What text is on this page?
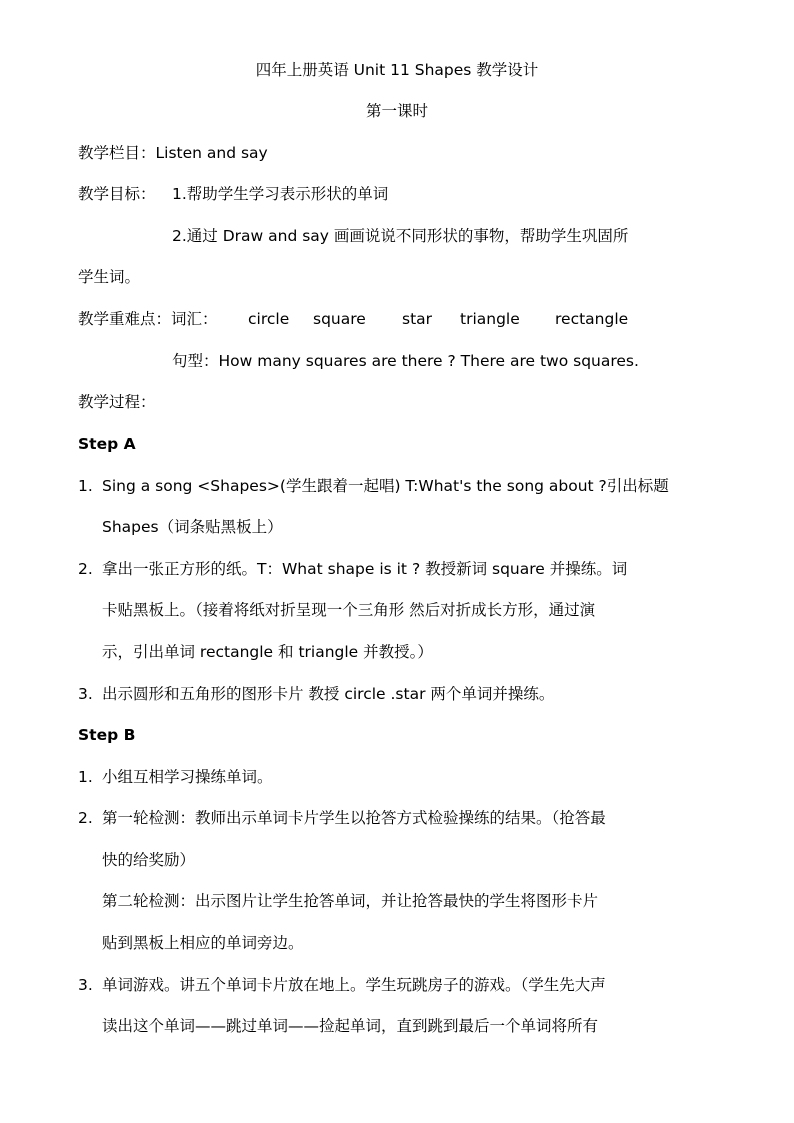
四年上册英语 Unit 11 Shapes 教学设计
第一课时
教学栏目：Listen and say
教学目标： 1.帮助学生学习表示形状的单词
2.通过 Draw and say 画画说说不同形状的事物，帮助学生巩固所
学生词。
教学重难点：词汇： circle square star triangle rectangle
句型：How many squares are there ? There are two squares.
教学过程：
Step A
1. Sing a song <Shapes>(学生跟着一起唱) T:What's the song about ?引出标题
Shapes（词条贴黑板上）
2. 拿出一张正方形的纸。T：What shape is it ? 教授新词 square 并操练。词
卡贴黑板上。（接着将纸对折呈现一个三角形 然后对折成长方形，通过演
示，引出单词 rectangle 和 triangle 并教授。）
3. 出示圆形和五角形的图形卡片 教授 circle .star 两个单词并操练。
Step B
1. 小组互相学习操练单词。
2. 第一轮检测：教师出示单词卡片学生以抢答方式检验操练的结果。（抢答最
快的给奖励）
第二轮检测：出示图片让学生抢答单词，并让抢答最快的学生将图形卡片
贴到黑板上相应的单词旁边。
3. 单词游戏。讲五个单词卡片放在地上。学生玩跳房子的游戏。（学生先大声
读出这个单词——跳过单词——捡起单词，直到跳到最后一个单词将所有
